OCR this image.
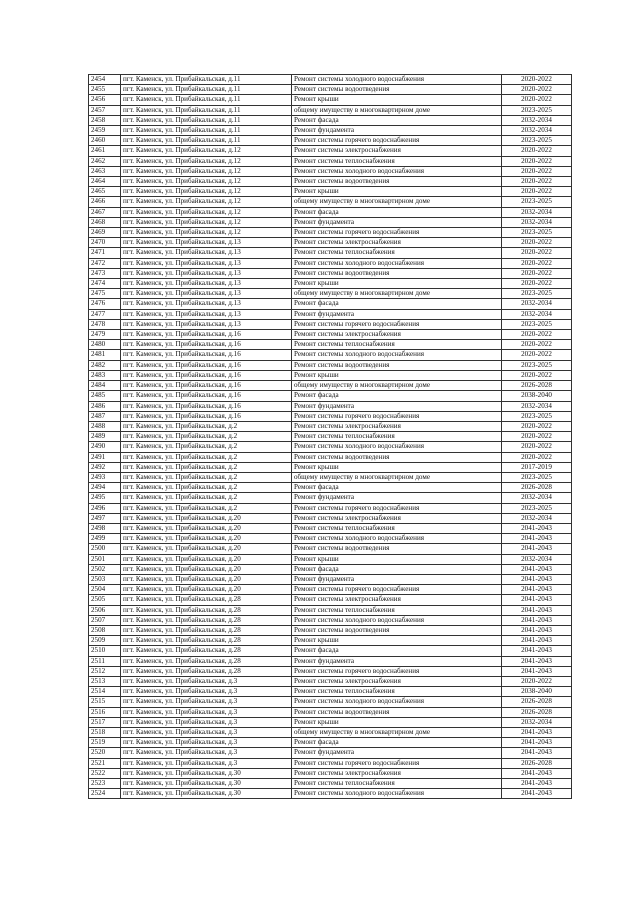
2454	пгт. Каменск, ул. Прибайкальская, д.11	Ремонт системы холодного водоснабжения	2020-2022
2455	пгт. Каменск, ул. Прибайкальская, д.11	Ремонт системы водоотведения	2020-2022
2456	пгт. Каменск, ул. Прибайкальская, д.11	Ремонт крыши	2020-2022
2457	пгт. Каменск, ул. Прибайкальская, д.11	общему имуществу в многоквартирном доме	2023-2025
2458	пгт. Каменск, ул. Прибайкальская, д.11	Ремонт фасада	2032-2034
2459	пгт. Каменск, ул. Прибайкальская, д.11	Ремонт фундамента	2032-2034
2460	пгт. Каменск, ул. Прибайкальская, д.11	Ремонт системы горячего водоснабжения	2023-2025
2461	пгт. Каменск, ул. Прибайкальская, д.12	Ремонт системы электроснабжения	2020-2022
2462	пгт. Каменск, ул. Прибайкальская, д.12	Ремонт системы теплоснабжения	2020-2022
2463	пгт. Каменск, ул. Прибайкальская, д.12	Ремонт системы холодного водоснабжения	2020-2022
2464	пгт. Каменск, ул. Прибайкальская, д.12	Ремонт системы водоотведения	2020-2022
2465	пгт. Каменск, ул. Прибайкальская, д.12	Ремонт крыши	2020-2022
2466	пгт. Каменск, ул. Прибайкальская, д.12	общему имуществу в многоквартирном доме	2023-2025
2467	пгт. Каменск, ул. Прибайкальская, д.12	Ремонт фасада	2032-2034
2468	пгт. Каменск, ул. Прибайкальская, д.12	Ремонт фундамента	2032-2034
2469	пгт. Каменск, ул. Прибайкальская, д.12	Ремонт системы горячего водоснабжения	2023-2025
2470	пгт. Каменск, ул. Прибайкальская, д.13	Ремонт системы электроснабжения	2020-2022
2471	пгт. Каменск, ул. Прибайкальская, д.13	Ремонт системы теплоснабжения	2020-2022
2472	пгт. Каменск, ул. Прибайкальская, д.13	Ремонт системы холодного водоснабжения	2020-2022
2473	пгт. Каменск, ул. Прибайкальская, д.13	Ремонт системы водоотведения	2020-2022
2474	пгт. Каменск, ул. Прибайкальская, д.13	Ремонт крыши	2020-2022
2475	пгт. Каменск, ул. Прибайкальская, д.13	общему имуществу в многоквартирном доме	2023-2025
2476	пгт. Каменск, ул. Прибайкальская, д.13	Ремонт фасада	2032-2034
2477	пгт. Каменск, ул. Прибайкальская, д.13	Ремонт фундамента	2032-2034
2478	пгт. Каменск, ул. Прибайкальская, д.13	Ремонт системы горячего водоснабжения	2023-2025
2479	пгт. Каменск, ул. Прибайкальская, д.16	Ремонт системы электроснабжения	2020-2022
2480	пгт. Каменск, ул. Прибайкальская, д.16	Ремонт системы теплоснабжения	2020-2022
2481	пгт. Каменск, ул. Прибайкальская, д.16	Ремонт системы холодного водоснабжения	2020-2022
2482	пгт. Каменск, ул. Прибайкальская, д.16	Ремонт системы водоотведения	2023-2025
2483	пгт. Каменск, ул. Прибайкальская, д.16	Ремонт крыши	2020-2022
2484	пгт. Каменск, ул. Прибайкальская, д.16	общему имуществу в многоквартирном доме	2026-2028
2485	пгт. Каменск, ул. Прибайкальская, д.16	Ремонт фасада	2038-2040
2486	пгт. Каменск, ул. Прибайкальская, д.16	Ремонт фундамента	2032-2034
2487	пгт. Каменск, ул. Прибайкальская, д.16	Ремонт системы горячего водоснабжения	2023-2025
2488	пгт. Каменск, ул. Прибайкальская, д.2	Ремонт системы электроснабжения	2020-2022
2489	пгт. Каменск, ул. Прибайкальская, д.2	Ремонт системы теплоснабжения	2020-2022
2490	пгт. Каменск, ул. Прибайкальская, д.2	Ремонт системы холодного водоснабжения	2020-2022
2491	пгт. Каменск, ул. Прибайкальская, д.2	Ремонт системы водоотведения	2020-2022
2492	пгт. Каменск, ул. Прибайкальская, д.2	Ремонт крыши	2017-2019
2493	пгт. Каменск, ул. Прибайкальская, д.2	общему имуществу в многоквартирном доме	2023-2025
2494	пгт. Каменск, ул. Прибайкальская, д.2	Ремонт фасада	2026-2028
2495	пгт. Каменск, ул. Прибайкальская, д.2	Ремонт фундамента	2032-2034
2496	пгт. Каменск, ул. Прибайкальская, д.2	Ремонт системы горячего водоснабжения	2023-2025
2497	пгт. Каменск, ул. Прибайкальская, д.20	Ремонт системы электроснабжения	2032-2034
2498	пгт. Каменск, ул. Прибайкальская, д.20	Ремонт системы теплоснабжения	2041-2043
2499	пгт. Каменск, ул. Прибайкальская, д.20	Ремонт системы холодного водоснабжения	2041-2043
2500	пгт. Каменск, ул. Прибайкальская, д.20	Ремонт системы водоотведения	2041-2043
2501	пгт. Каменск, ул. Прибайкальская, д.20	Ремонт крыши	2032-2034
2502	пгт. Каменск, ул. Прибайкальская, д.20	Ремонт фасада	2041-2043
2503	пгт. Каменск, ул. Прибайкальская, д.20	Ремонт фундамента	2041-2043
2504	пгт. Каменск, ул. Прибайкальская, д.20	Ремонт системы горячего водоснабжения	2041-2043
2505	пгт. Каменск, ул. Прибайкальская, д.28	Ремонт системы электроснабжения	2041-2043
2506	пгт. Каменск, ул. Прибайкальская, д.28	Ремонт системы теплоснабжения	2041-2043
2507	пгт. Каменск, ул. Прибайкальская, д.28	Ремонт системы холодного водоснабжения	2041-2043
2508	пгт. Каменск, ул. Прибайкальская, д.28	Ремонт системы водоотведения	2041-2043
2509	пгт. Каменск, ул. Прибайкальская, д.28	Ремонт крыши	2041-2043
2510	пгт. Каменск, ул. Прибайкальская, д.28	Ремонт фасада	2041-2043
2511	пгт. Каменск, ул. Прибайкальская, д.28	Ремонт фундамента	2041-2043
2512	пгт. Каменск, ул. Прибайкальская, д.28	Ремонт системы горячего водоснабжения	2041-2043
2513	пгт. Каменск, ул. Прибайкальская, д.3	Ремонт системы электроснабжения	2020-2022
2514	пгт. Каменск, ул. Прибайкальская, д.3	Ремонт системы теплоснабжения	2038-2040
2515	пгт. Каменск, ул. Прибайкальская, д.3	Ремонт системы холодного водоснабжения	2026-2028
2516	пгт. Каменск, ул. Прибайкальская, д.3	Ремонт системы водоотведения	2026-2028
2517	пгт. Каменск, ул. Прибайкальская, д.3	Ремонт крыши	2032-2034
2518	пгт. Каменск, ул. Прибайкальская, д.3	общему имуществу в многоквартирном доме	2041-2043
2519	пгт. Каменск, ул. Прибайкальская, д.3	Ремонт фасада	2041-2043
2520	пгт. Каменск, ул. Прибайкальская, д.3	Ремонт фундамента	2041-2043
2521	пгт. Каменск, ул. Прибайкальская, д.3	Ремонт системы горячего водоснабжения	2026-2028
2522	пгт. Каменск, ул. Прибайкальская, д.30	Ремонт системы электроснабжения	2041-2043
2523	пгт. Каменск, ул. Прибайкальская, д.30	Ремонт системы теплоснабжения	2041-2043
2524	пгт. Каменск, ул. Прибайкальская, д.30	Ремонт системы холодного водоснабжения	2041-2043
